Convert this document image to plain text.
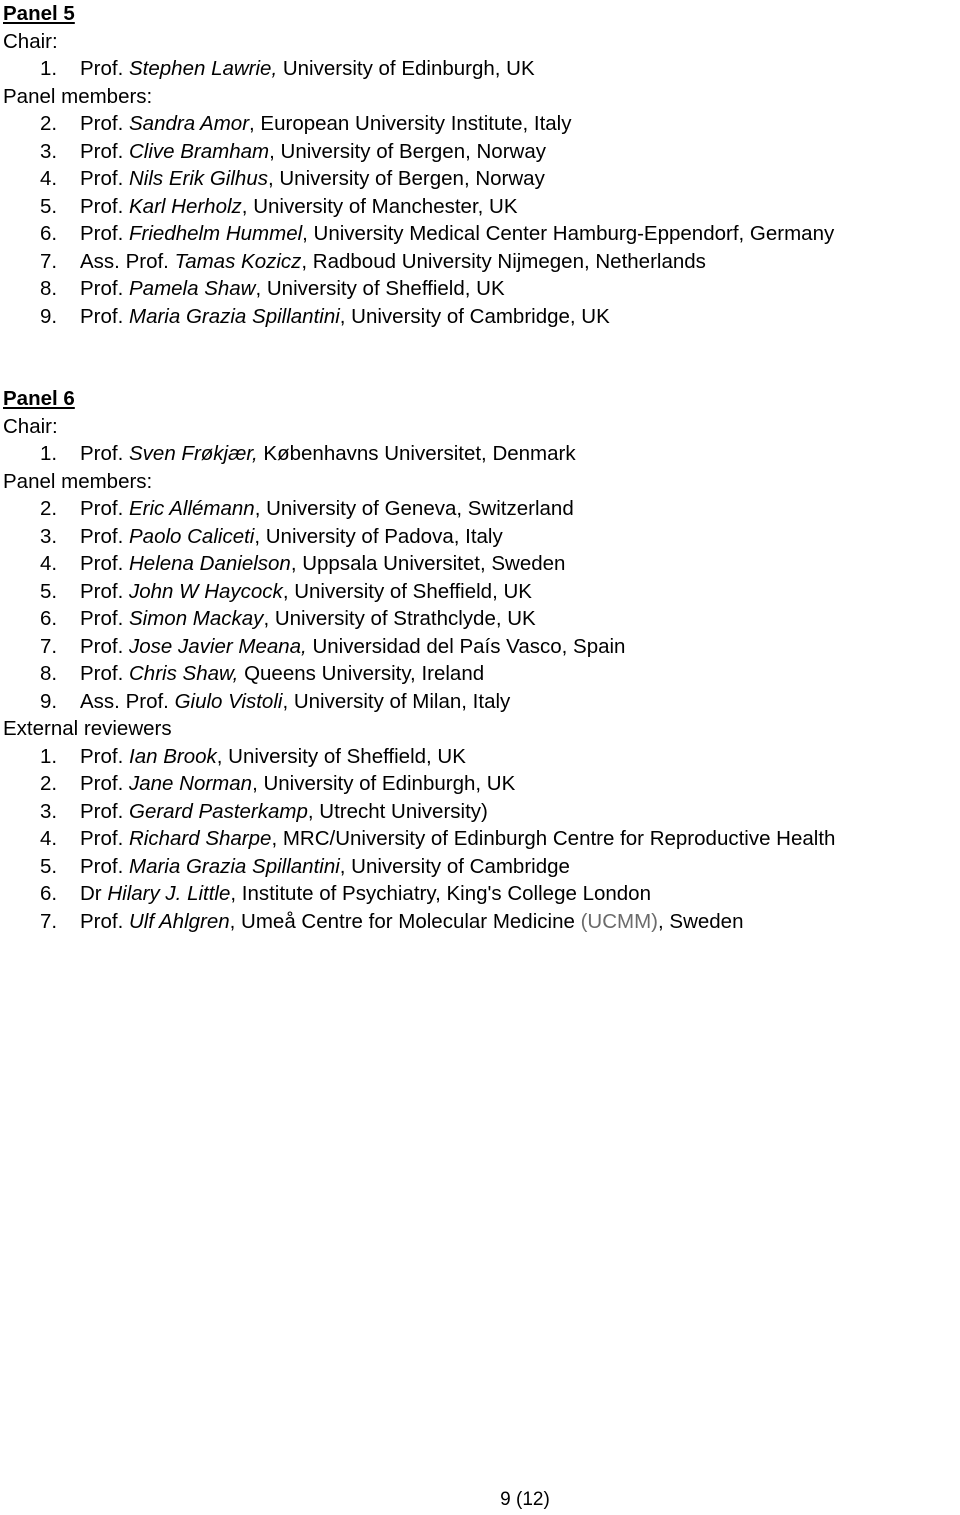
Panel 5
Chair:
1. Prof. Stephen Lawrie, University of Edinburgh, UK
Panel members:
2. Prof. Sandra Amor, European University Institute, Italy
3. Prof. Clive Bramham, University of Bergen, Norway
4. Prof. Nils Erik Gilhus, University of Bergen, Norway
5. Prof. Karl Herholz, University of Manchester, UK
6. Prof. Friedhelm Hummel, University Medical Center Hamburg-Eppendorf, Germany
7. Ass. Prof. Tamas Kozicz, Radboud University Nijmegen, Netherlands
8. Prof. Pamela Shaw, University of Sheffield, UK
9. Prof. Maria Grazia Spillantini, University of Cambridge, UK
Panel 6
Chair:
1. Prof. Sven Frøkjær, Københavns Universitet, Denmark
Panel members:
2. Prof. Eric Allémann, University of Geneva, Switzerland
3. Prof. Paolo Caliceti, University of Padova, Italy
4. Prof. Helena Danielson, Uppsala Universitet, Sweden
5. Prof. John W Haycock, University of Sheffield, UK
6. Prof. Simon Mackay, University of Strathclyde, UK
7. Prof. Jose Javier Meana, Universidad del País Vasco, Spain
8. Prof. Chris Shaw, Queens University, Ireland
9. Ass. Prof. Giulo Vistoli, University of Milan, Italy
External reviewers
1. Prof. Ian Brook, University of Sheffield, UK
2. Prof. Jane Norman, University of Edinburgh, UK
3. Prof. Gerard Pasterkamp, Utrecht University)
4. Prof. Richard Sharpe, MRC/University of Edinburgh Centre for Reproductive Health
5. Prof. Maria Grazia Spillantini, University of Cambridge
6. Dr Hilary J. Little, Institute of Psychiatry, King's College London
7. Prof. Ulf Ahlgren, Umeå Centre for Molecular Medicine (UCMM), Sweden
9 (12)
